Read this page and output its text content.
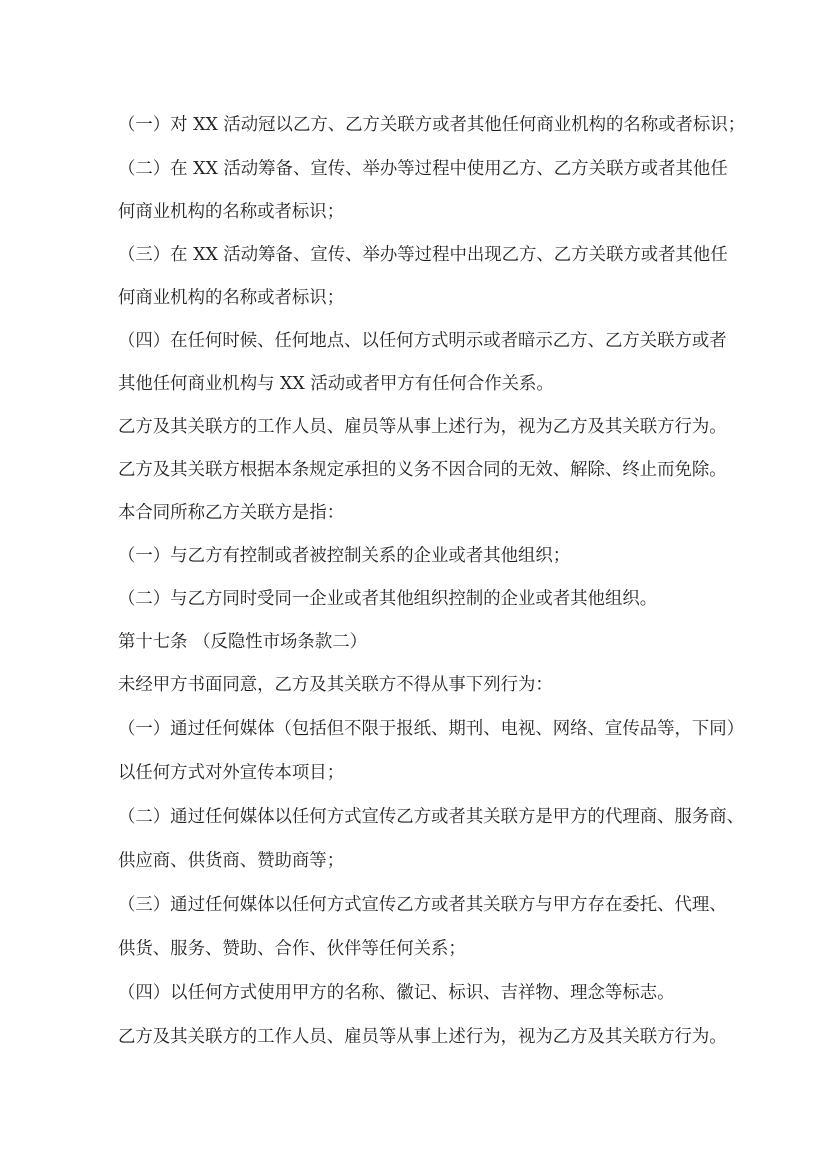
（一）对 XX 活动冠以乙方、乙方关联方或者其他任何商业机构的名称或者标识；
（二）在 XX 活动筹备、宣传、举办等过程中使用乙方、乙方关联方或者其他任
何商业机构的名称或者标识；
（三）在 XX 活动筹备、宣传、举办等过程中出现乙方、乙方关联方或者其他任
何商业机构的名称或者标识；
（四）在任何时候、任何地点、以任何方式明示或者暗示乙方、乙方关联方或者
其他任何商业机构与 XX 活动或者甲方有任何合作关系。
乙方及其关联方的工作人员、雇员等从事上述行为，视为乙方及其关联方行为。
乙方及其关联方根据本条规定承担的义务不因合同的无效、解除、终止而免除。
本合同所称乙方关联方是指：
（一）与乙方有控制或者被控制关系的企业或者其他组织；
（二）与乙方同时受同一企业或者其他组织控制的企业或者其他组织。
第十七条 （反隐性市场条款二）
未经甲方书面同意，乙方及其关联方不得从事下列行为：
（一）通过任何媒体（包括但不限于报纸、期刊、电视、网络、宣传品等，下同）
以任何方式对外宣传本项目；
（二）通过任何媒体以任何方式宣传乙方或者其关联方是甲方的代理商、服务商、
供应商、供货商、赞助商等；
（三）通过任何媒体以任何方式宣传乙方或者其关联方与甲方存在委托、代理、
供货、服务、赞助、合作、伙伴等任何关系；
（四）以任何方式使用甲方的名称、徽记、标识、吉祥物、理念等标志。
乙方及其关联方的工作人员、雇员等从事上述行为，视为乙方及其关联方行为。
